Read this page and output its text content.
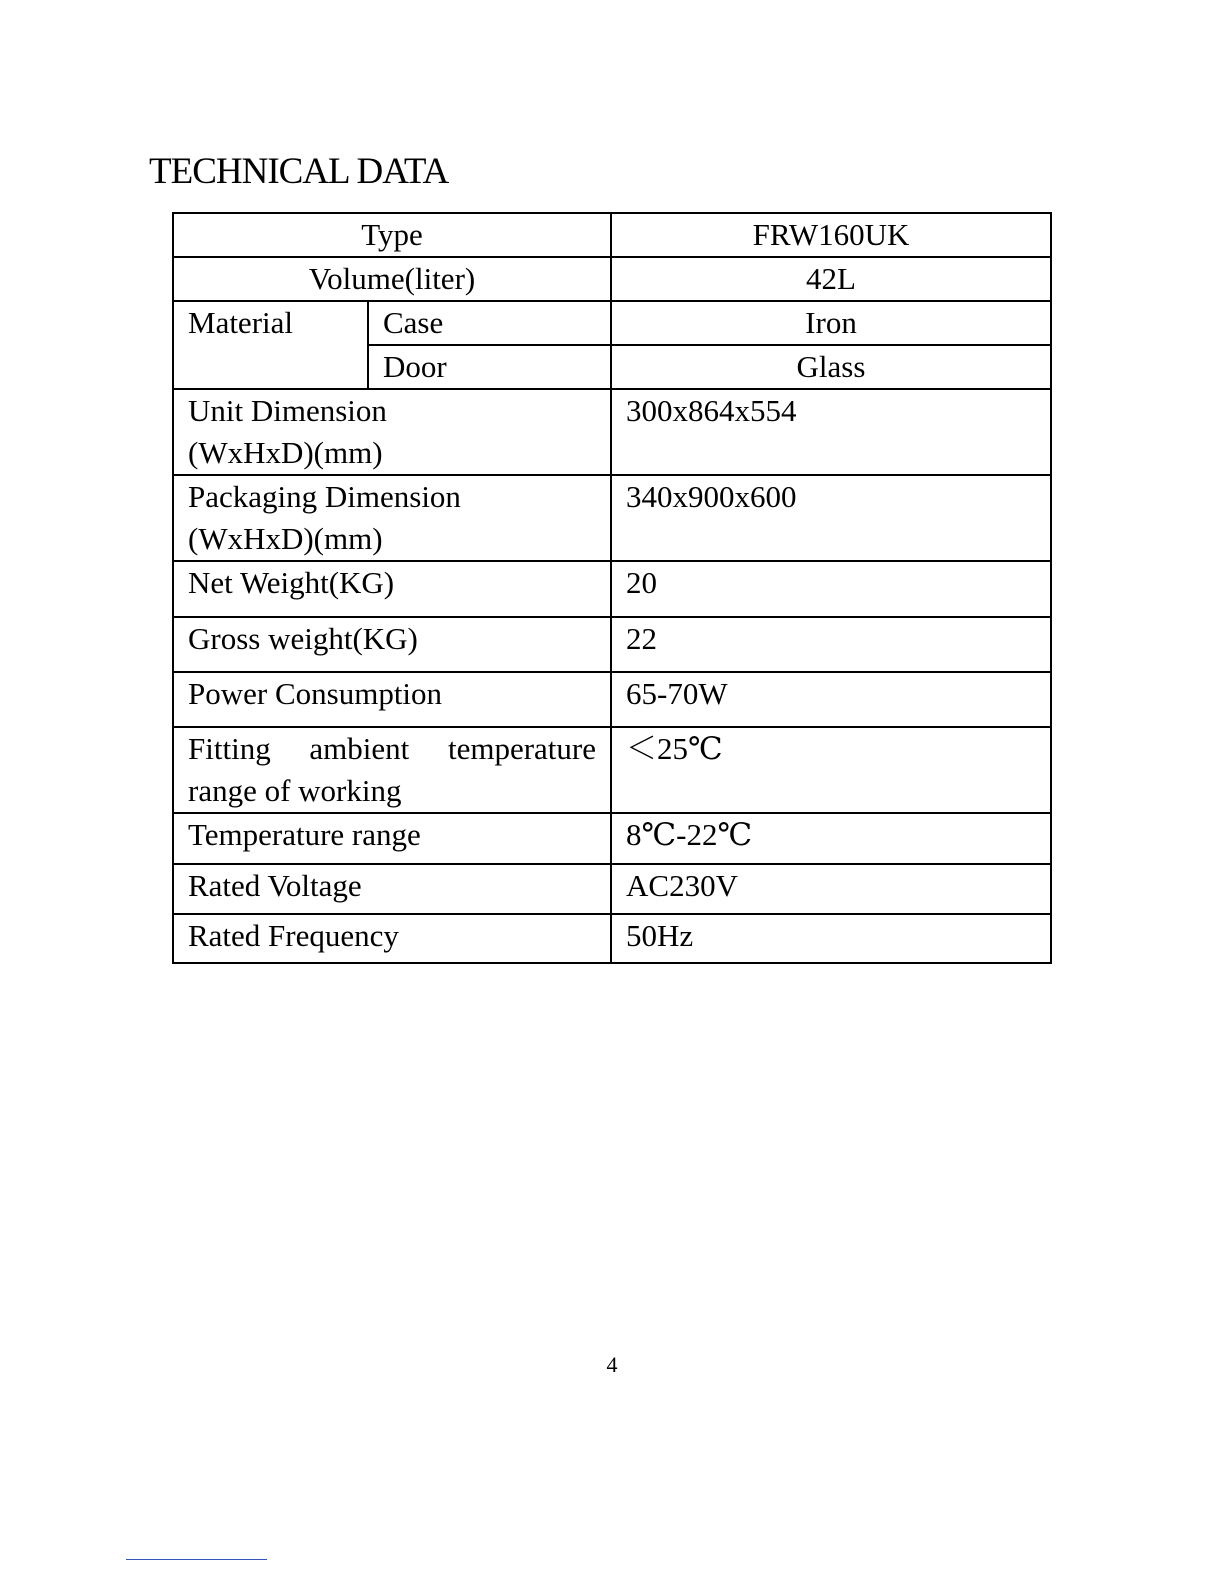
TECHNICAL DATA
Type		FRW160UK
Volume(liter)		42L
Material	Case	Iron
	Door	Glass

Unit Dimension
(WxHxD)(mm)		300x864x554

Packaging Dimension
(WxHxD)(mm)		340x900x600
Net Weight(KG)		20
Gross weight(KG)		22
Power Consumption		65-70W
Fitting ambient temperature range of working		＜25℃
Temperature range		8℃-22℃
Rated Voltage		AC230V
Rated Frequency		50Hz
4
